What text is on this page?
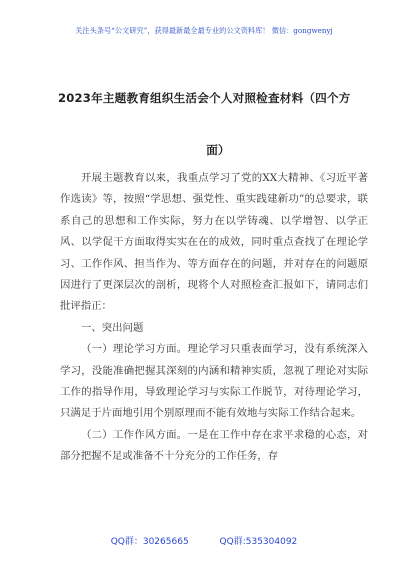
关注头条号“公文研究”，获得最新最全最专业的公文资料库！ 微信：gongwenyj
2023年主题教育组织生活会个人对照检查材料（四个方
面）

开展主题教育以来，我重点学习了党的XX大精神、《习近平著作选读》等，按照“学思想、强党性、重实践建新功”的总要求，联系自己的思想和工作实际，努力在以学铸魂、以学增智、以学正风、以学促干方面取得实实在在的成效，同时重点查找了在理论学习、工作作风、担当作为、等方面存在的问题，并对存在的问题原因进行了更深层次的剖析，现将个人对照检查汇报如下，请同志们批评指正：

一、突出问题

（一）理论学习方面。理论学习只重表面学习，没有系统深入学习，没能准确把握其深刻的内涵和精神实质，忽视了理论对实际工作的指导作用，导致理论学习与实际工作脱节，对待理论学习，只满足于片面地引用个别原理而不能有效地与实际工作结合起来。

（二）工作作风方面。一是在工作中存在求平求稳的心态，对部分把握不足或准备不十分充分的工作任务，存

QQ群：30265665	QQ群:535304092
